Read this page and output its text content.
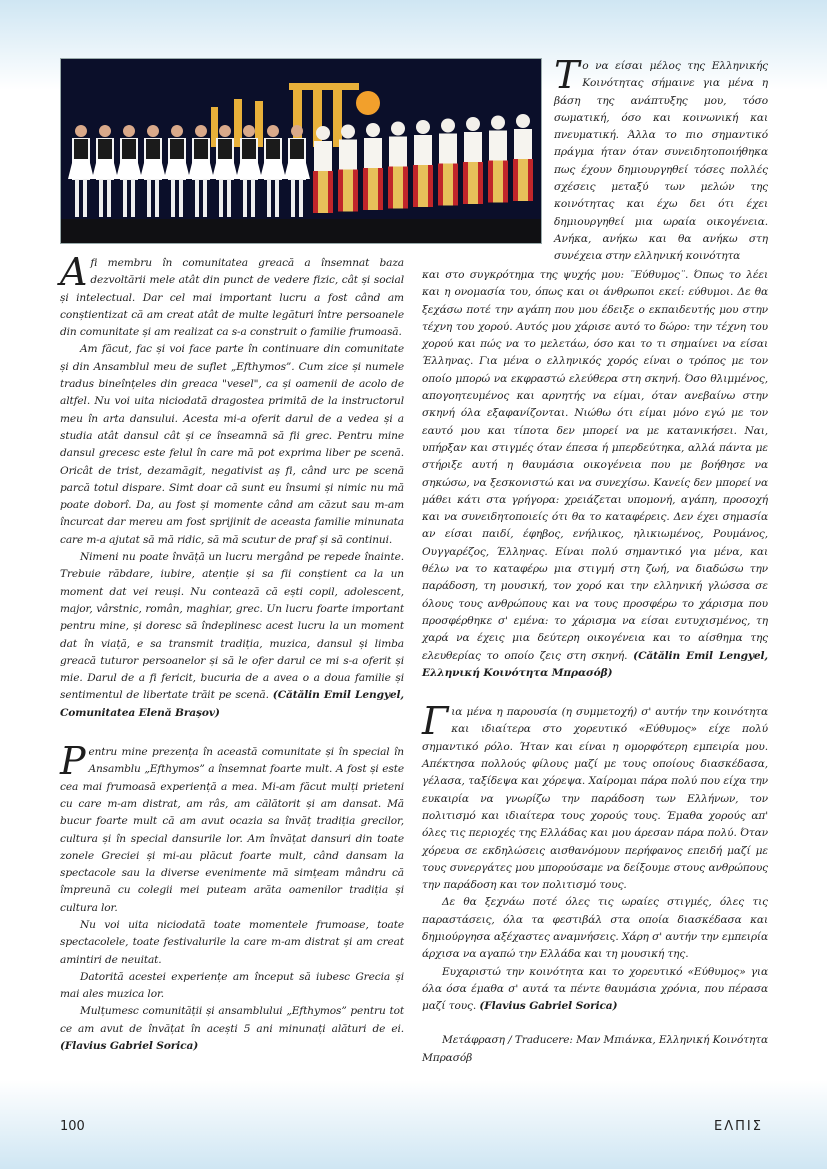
T ο να είσαι μέλος της Ελληνικής Κοινότητας σήμαινε για μένα η βάση της ανάπτυξης μου, τόσο σωματική, όσο και κοινωνική και πνευματική. Άλλα το πιο σημαντικό πράγμα ήταν όταν συνειδητοποιήθηκα πως έχουν δημιουργηθεί τόσες πολλές σχέσεις μεταξύ των μελών της κοινότητας και έχω δει ότι έχει δημιουργηθεί μια ωραία οικογένεια. Ανήκα, ανήκω και θα ανήκω στη συνέχεια στην ελληνική κοινότητα

και στο συγκρότημα της ψυχής μου: ¨Εύθυμος¨. Όπως το λέει και η ονομασία του, όπως και οι άνθρωποι εκεί: εύθυμοι. Δε θα ξεχάσω ποτέ την αγάπη που μου έδειξε ο εκπαιδευτής μου στην τέχνη του χορού. Αυτός μου χάρισε αυτό το δώρο: την τέχνη του χορού και πώς να το μελετάω, όσο και το τι σημαίνει να είσαι Έλληνας. Για μένα ο ελληνικός χορός είναι ο τρόπος με τον οποίο μπορώ να εκφραστώ ελεύθερα στη σκηνή. Όσο θλιμμένος, απογοητευμένος και αρνητής να είμαι, όταν ανεβαίνω στην σκηνή όλα εξαφανίζονται. Νιώθω ότι είμαι μόνο εγώ με τον εαυτό μου και τίποτα δεν μπορεί να με κατανικήσει. Ναι, υπήρξαν και στιγμές όταν έπεσα ή μπερδεύτηκα, αλλά πάντα με στήριξε αυτή η θαυμάσια οικογένεια που με βοήθησε να σηκώσω, να ξεσκονιστώ και να συνεχίσω. Κανείς δεν μπορεί να μάθει κάτι στα γρήγορα: χρειάζεται υπομονή, αγάπη, προσοχή και να συνειδητοποιείς ότι θα το καταφέρεις. Δεν έχει σημασία αν είσαι παιδί, έφηβος, ενήλικος, ηλικιωμένος, Ρουμάνος, Ουγγαρέζος, Έλληνας. Είναι πολύ σημαντικό για μένα, και θέλω να το καταφέρω μια στιγμή στη ζωή, να διαδώσω την παράδοση, τη μουσική, τον χορό και την ελληνική γλώσσα σε όλους τους ανθρώπους και να τους προσφέρω το χάρισμα που προσφέρθηκε σ' εμένα: το χάρισμα να είσαι ευτυχισμένος, τη χαρά να έχεις μια δεύτερη οικογένεια και το αίσθημα της ελευθερίας το οποίο ζεις στη σκηνή. (Cătălin Emil Lengyel, Ελληνική Κοινότητα Μπρασόβ)

Γ ια μένα η παρουσία (η συμμετοχή) σ' αυτήν την κοινότητα και ιδιαίτερα στο χορευτικό «Εύθυμος» είχε πολύ σημαντικό ρόλο. Ήταν και είναι η ομορφότερη εμπειρία μου. Απέκτησα πολλούς φίλους μαζί με τους οποίους διασκέδασα, γέλασα, ταξίδεψα και χόρεψα. Χαίρομαι πάρα πολύ που είχα την ευκαιρία να γνωρίζω την παράδοση των Ελλήνων, τον πολιτισμό και ιδιαίτερα τους χορούς τους. Έμαθα χορούς απ' όλες τις περιοχές της Ελλάδας και μου άρεσαν πάρα πολύ. Όταν χόρευα σε εκδηλώσεις αισθανόμουν περήφανος επειδή μαζί με τους συνεργάτες μου μπορούσαμε να δείξουμε στους ανθρώπους την παράδοση και τον πολιτισμό τους.

Δε θα ξεχνάω ποτέ όλες τις ωραίες στιγμές, όλες τις παραστάσεις, όλα τα φεστιβάλ στα οποία διασκέδασα και δημιούργησα αξέχαστες αναμνήσεις. Χάρη σ' αυτήν την εμπειρία άρχισα να αγαπώ την Ελλάδα και τη μουσική της.

Ευχαριστώ την κοινότητα και το χορευτικό «Εύθυμος» για όλα όσα έμαθα σ' αυτά τα πέντε θαυμάσια χρόνια, που πέρασα μαζί τους. (Flavius Gabriel Sorica)

Μετάφραση / Traducere: Μαν Μπιάνκα, Ελληνική Κοινότητα Μπρασόβ

A fi membru în comunitatea greacă a însemnat baza dezvoltării mele atât din punct de vedere fizic, cât și social și intelectual. Dar cel mai important lucru a fost când am conștientizat că am creat atât de multe legături între persoanele din comunitate și am realizat ca s-a construit o familie frumoasă.

Am făcut, fac și voi face parte în continuare din comunitate și din Ansamblul meu de suflet „Efthymos”. Cum zice și numele tradus bineînțeles din greaca "vesel", ca și oamenii de acolo de altfel. Nu voi uita niciodată dragostea primită de la instructorul meu în arta dansului. Acesta mi-a oferit darul de a vedea și a studia atât dansul cât și ce înseamnă să fii grec. Pentru mine dansul grecesc este felul în care mă pot exprima liber pe scenă. Oricât de trist, dezamăgit, negativist aș fi, când urc pe scenă parcă totul dispare. Simt doar că sunt eu însumi și nimic nu mă poate doborî. Da, au fost și momente când am căzut sau m-am încurcat dar mereu am fost sprijinit de aceasta familie minunata care m-a ajutat să mă ridic, să mă scutur de praf și să continui.

Nimeni nu poate învăță un lucru mergând pe repede înainte. Trebuie răbdare, iubire, atenție și sa fii conștient ca la un moment dat vei reuși. Nu contează că ești copil, adolescent, major, vârstnic, român, maghiar, grec. Un lucru foarte important pentru mine, și doresc să îndeplinesc acest lucru la un moment dat în viață, e sa transmit tradiția, muzica, dansul și limba greacă tuturor persoanelor și să le ofer darul ce mi s-a oferit și mie. Darul de a fi fericit, bucuria de a avea o a doua familie și sentimentul de libertate trăit pe scenă. (Cătălin Emil Lengyel, Comunitatea Elenă Brașov)

P entru mine prezența în această comunitate și în special în Ansamblu „Efthymos” a însemnat foarte mult. A fost și este cea mai frumoasă experiență a mea. Mi-am făcut mulți prieteni cu care m-am distrat, am râs, am călătorit și am dansat. Mă bucur foarte mult că am avut ocazia sa învăț tradiția grecilor, cultura și în special dansurile lor. Am învățat dansuri din toate zonele Greciei și mi-au plăcut foarte mult, când dansam la spectacole sau la diverse evenimente mă simțeam mândru că împreună cu colegii mei puteam arăta oamenilor tradiția și cultura lor.

Nu voi uita niciodată toate momentele frumoase, toate spectacolele, toate festivalurile la care m-am distrat și am creat amintiri de neuitat.

Datorită acestei experiențe am început să iubesc Grecia și mai ales muzica lor.

Mulțumesc comunității și ansamblului „Efthymos” pentru tot ce am avut de învățat în acești 5 ani minunați alături de ei. (Flavius Gabriel Sorica)

100	ΕΛΠΙΣ
